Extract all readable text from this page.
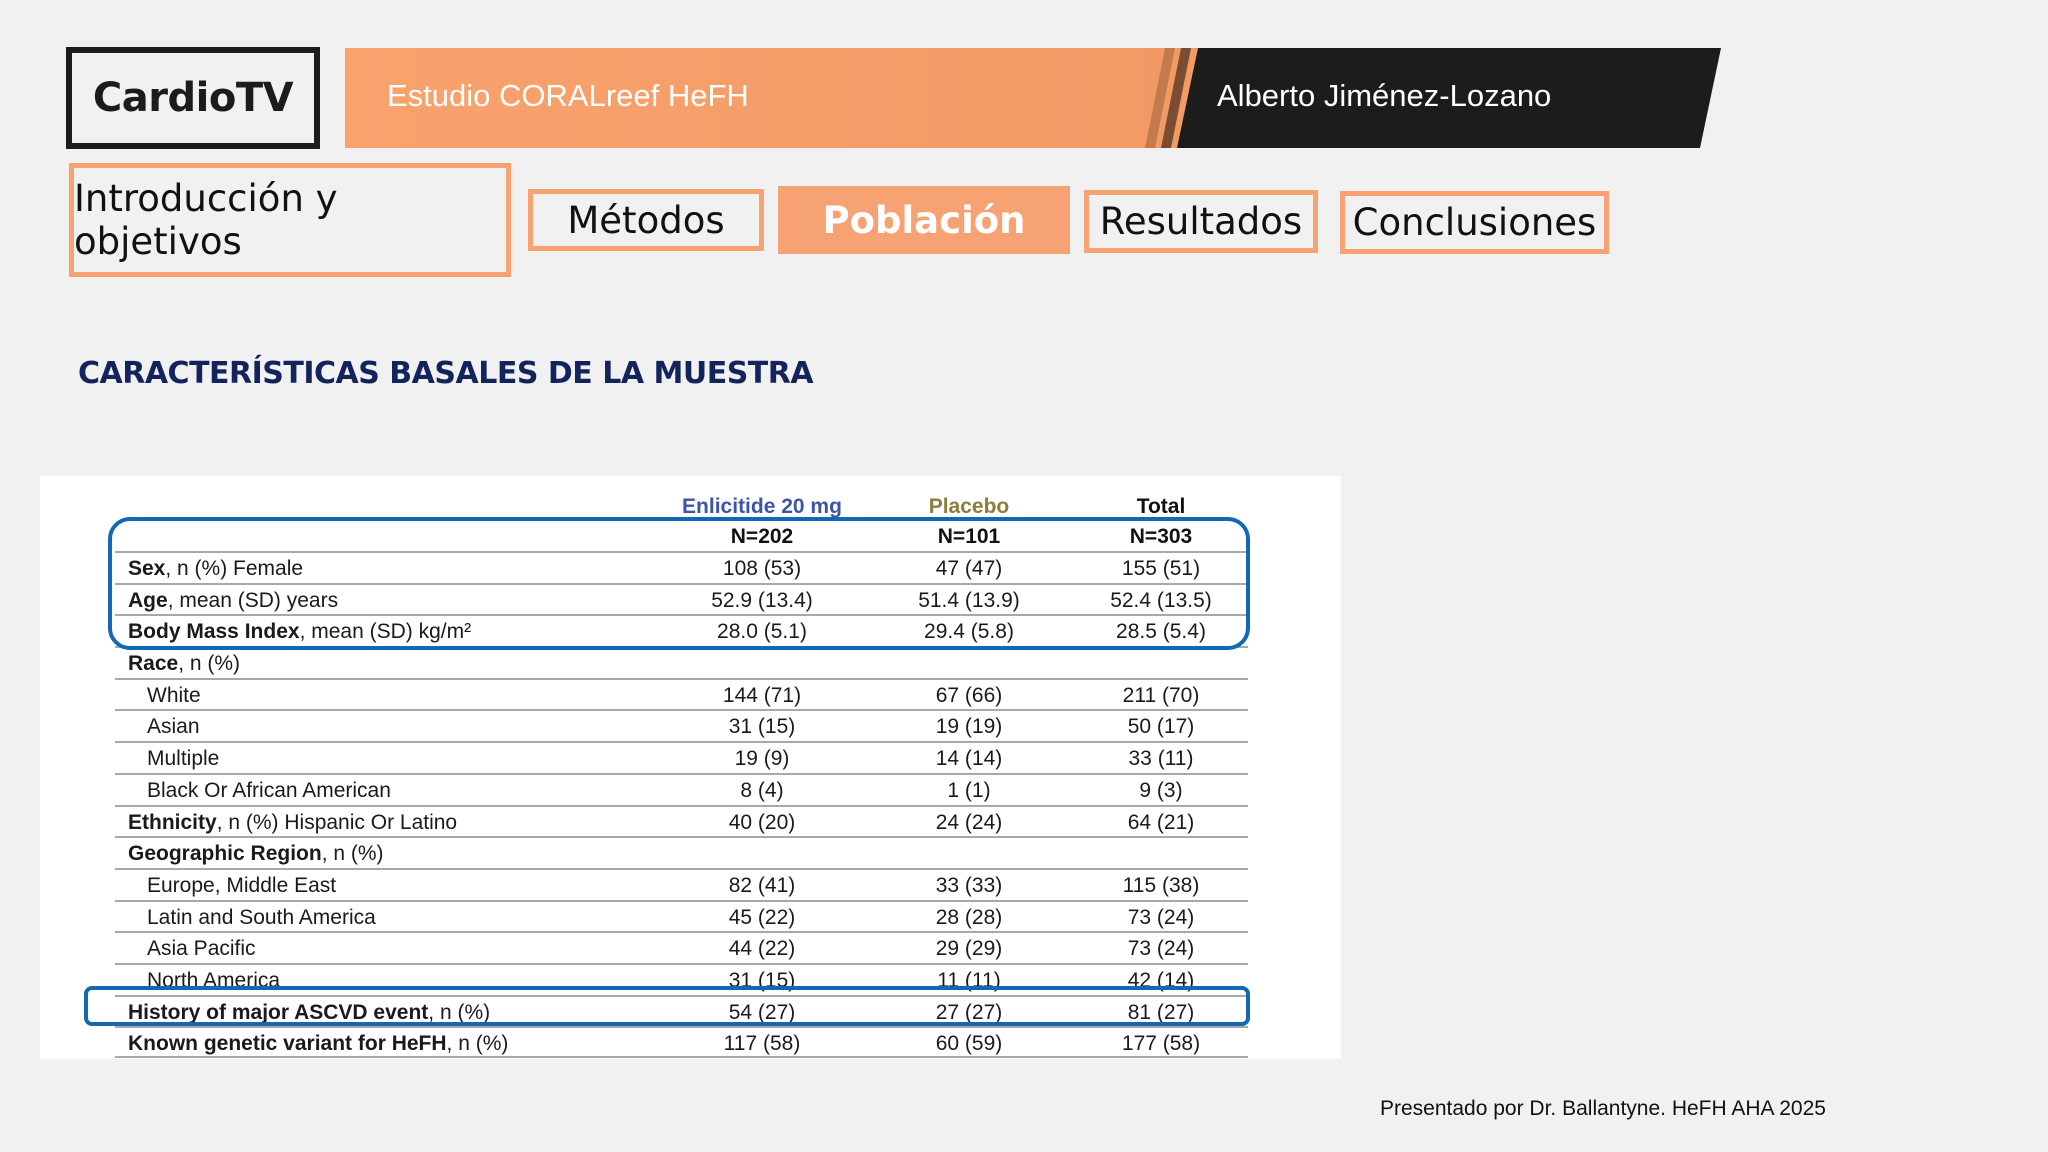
CardioTV	Estudio CORALreef HeFH	Alberto Jiménez-Lozano
Introducción y objetivos	Métodos	Población	Resultados	Conclusiones
CARACTERÍSTICAS BASALES DE LA MUESTRA
Enlicitide 20 mg	Placebo	Total
N=202	N=101	N=303
Sex, n (%) Female	108 (53)	47 (47)	155 (51)
Age, mean (SD) years	52.9 (13.4)	51.4 (13.9)	52.4 (13.5)
Body Mass Index, mean (SD) kg/m²	28.0 (5.1)	29.4 (5.8)	28.5 (5.4)
Race, n (%)
White	144 (71)	67 (66)	211 (70)
Asian	31 (15)	19 (19)	50 (17)
Multiple	19 (9)	14 (14)	33 (11)
Black Or African American	8 (4)	1 (1)	9 (3)
Ethnicity, n (%) Hispanic Or Latino	40 (20)	24 (24)	64 (21)
Geographic Region, n (%)
Europe, Middle East	82 (41)	33 (33)	115 (38)
Latin and South America	45 (22)	28 (28)	73 (24)
Asia Pacific	44 (22)	29 (29)	73 (24)
North America	31 (15)	11 (11)	42 (14)
History of major ASCVD event, n (%)	54 (27)	27 (27)	81 (27)
Known genetic variant for HeFH, n (%)	117 (58)	60 (59)	177 (58)
Presentado por Dr. Ballantyne. HeFH AHA 2025
